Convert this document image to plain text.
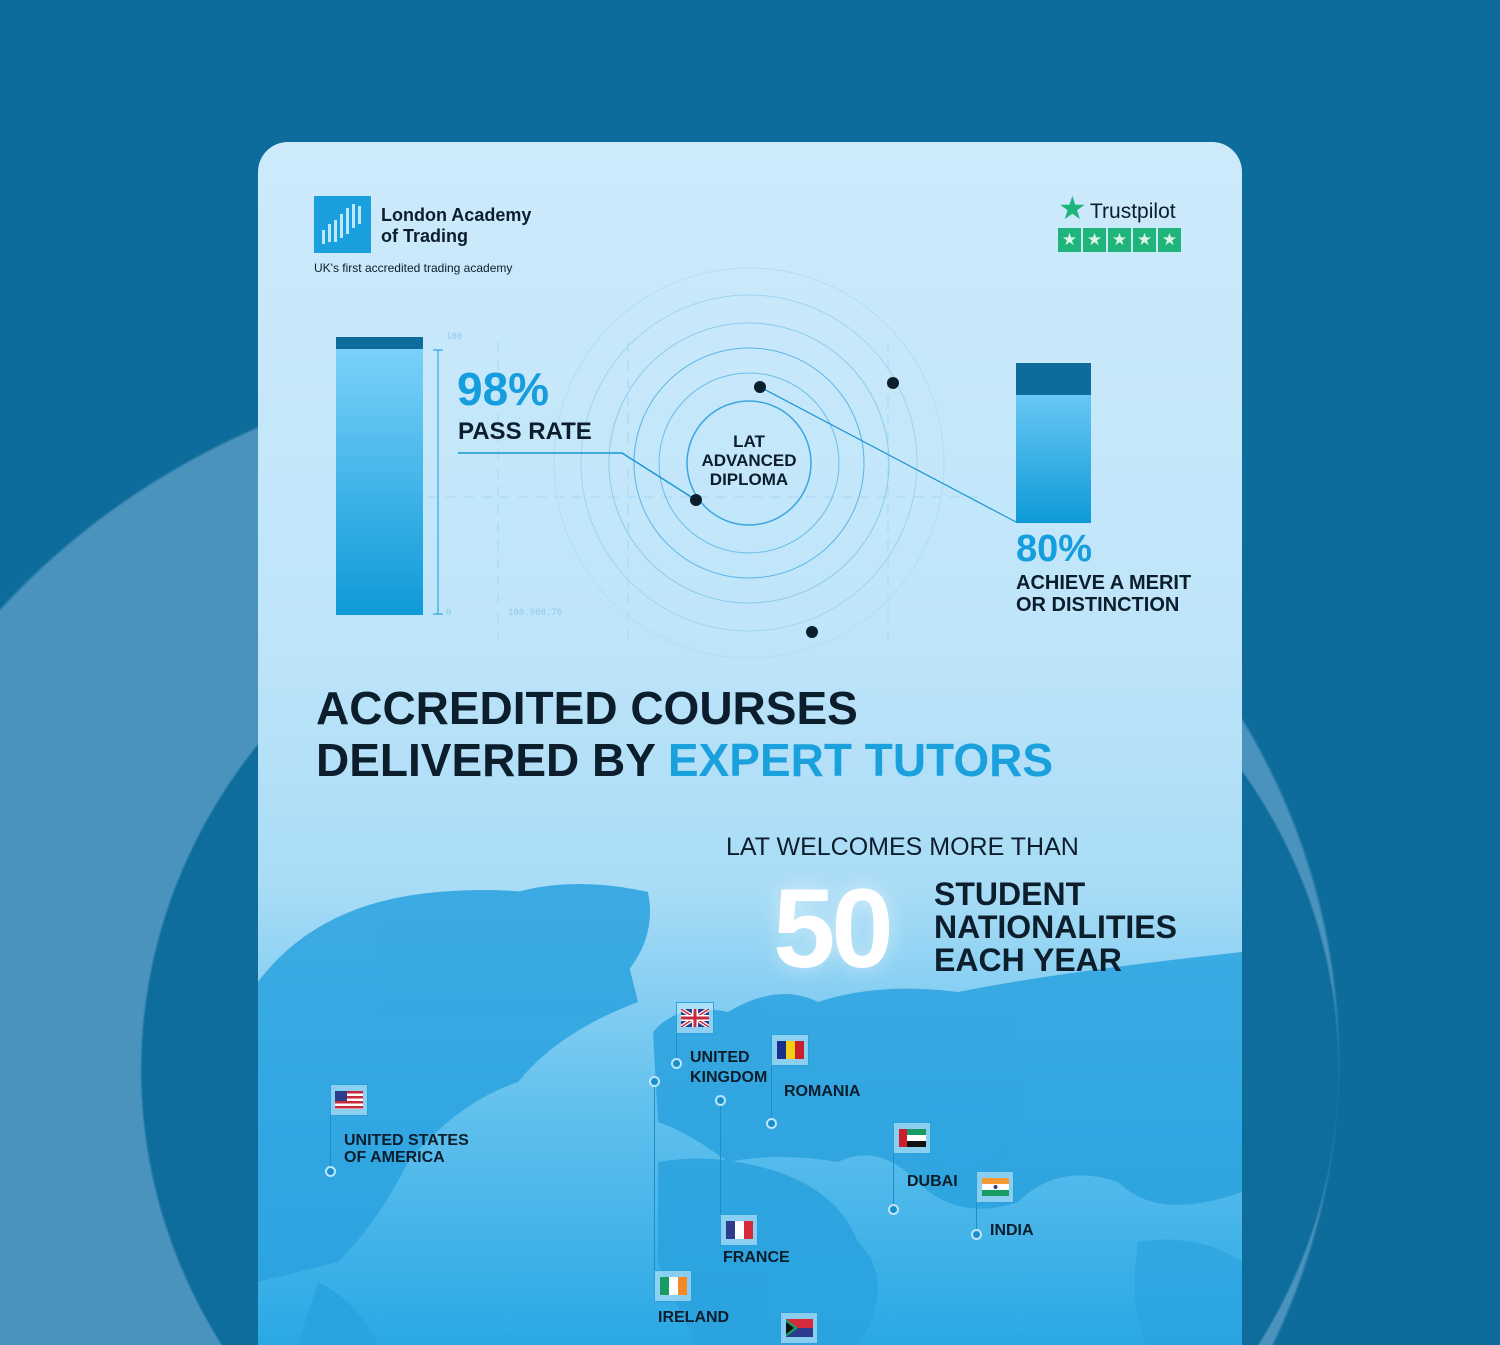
London Academy
of Trading
UK's first accredited trading academy
★ Trustpilot
★ ★ ★ ★ ★
100
0	100.908.76
98%
PASS RATE	LAT
ADVANCED
DIPLOMA
80%
ACHIEVE A MERIT
OR DISTINCTION
ACCREDITED COURSES
DELIVERED BY EXPERT TUTORS
LAT WELCOMES MORE THAN
50 STUDENT
NATIONALITIES
EACH YEAR
UNITED STATES
OF AMERICA
UNITED
KINGDOM
ROMANIA
FRANCE
IRELAND
DUBAI
INDIA
